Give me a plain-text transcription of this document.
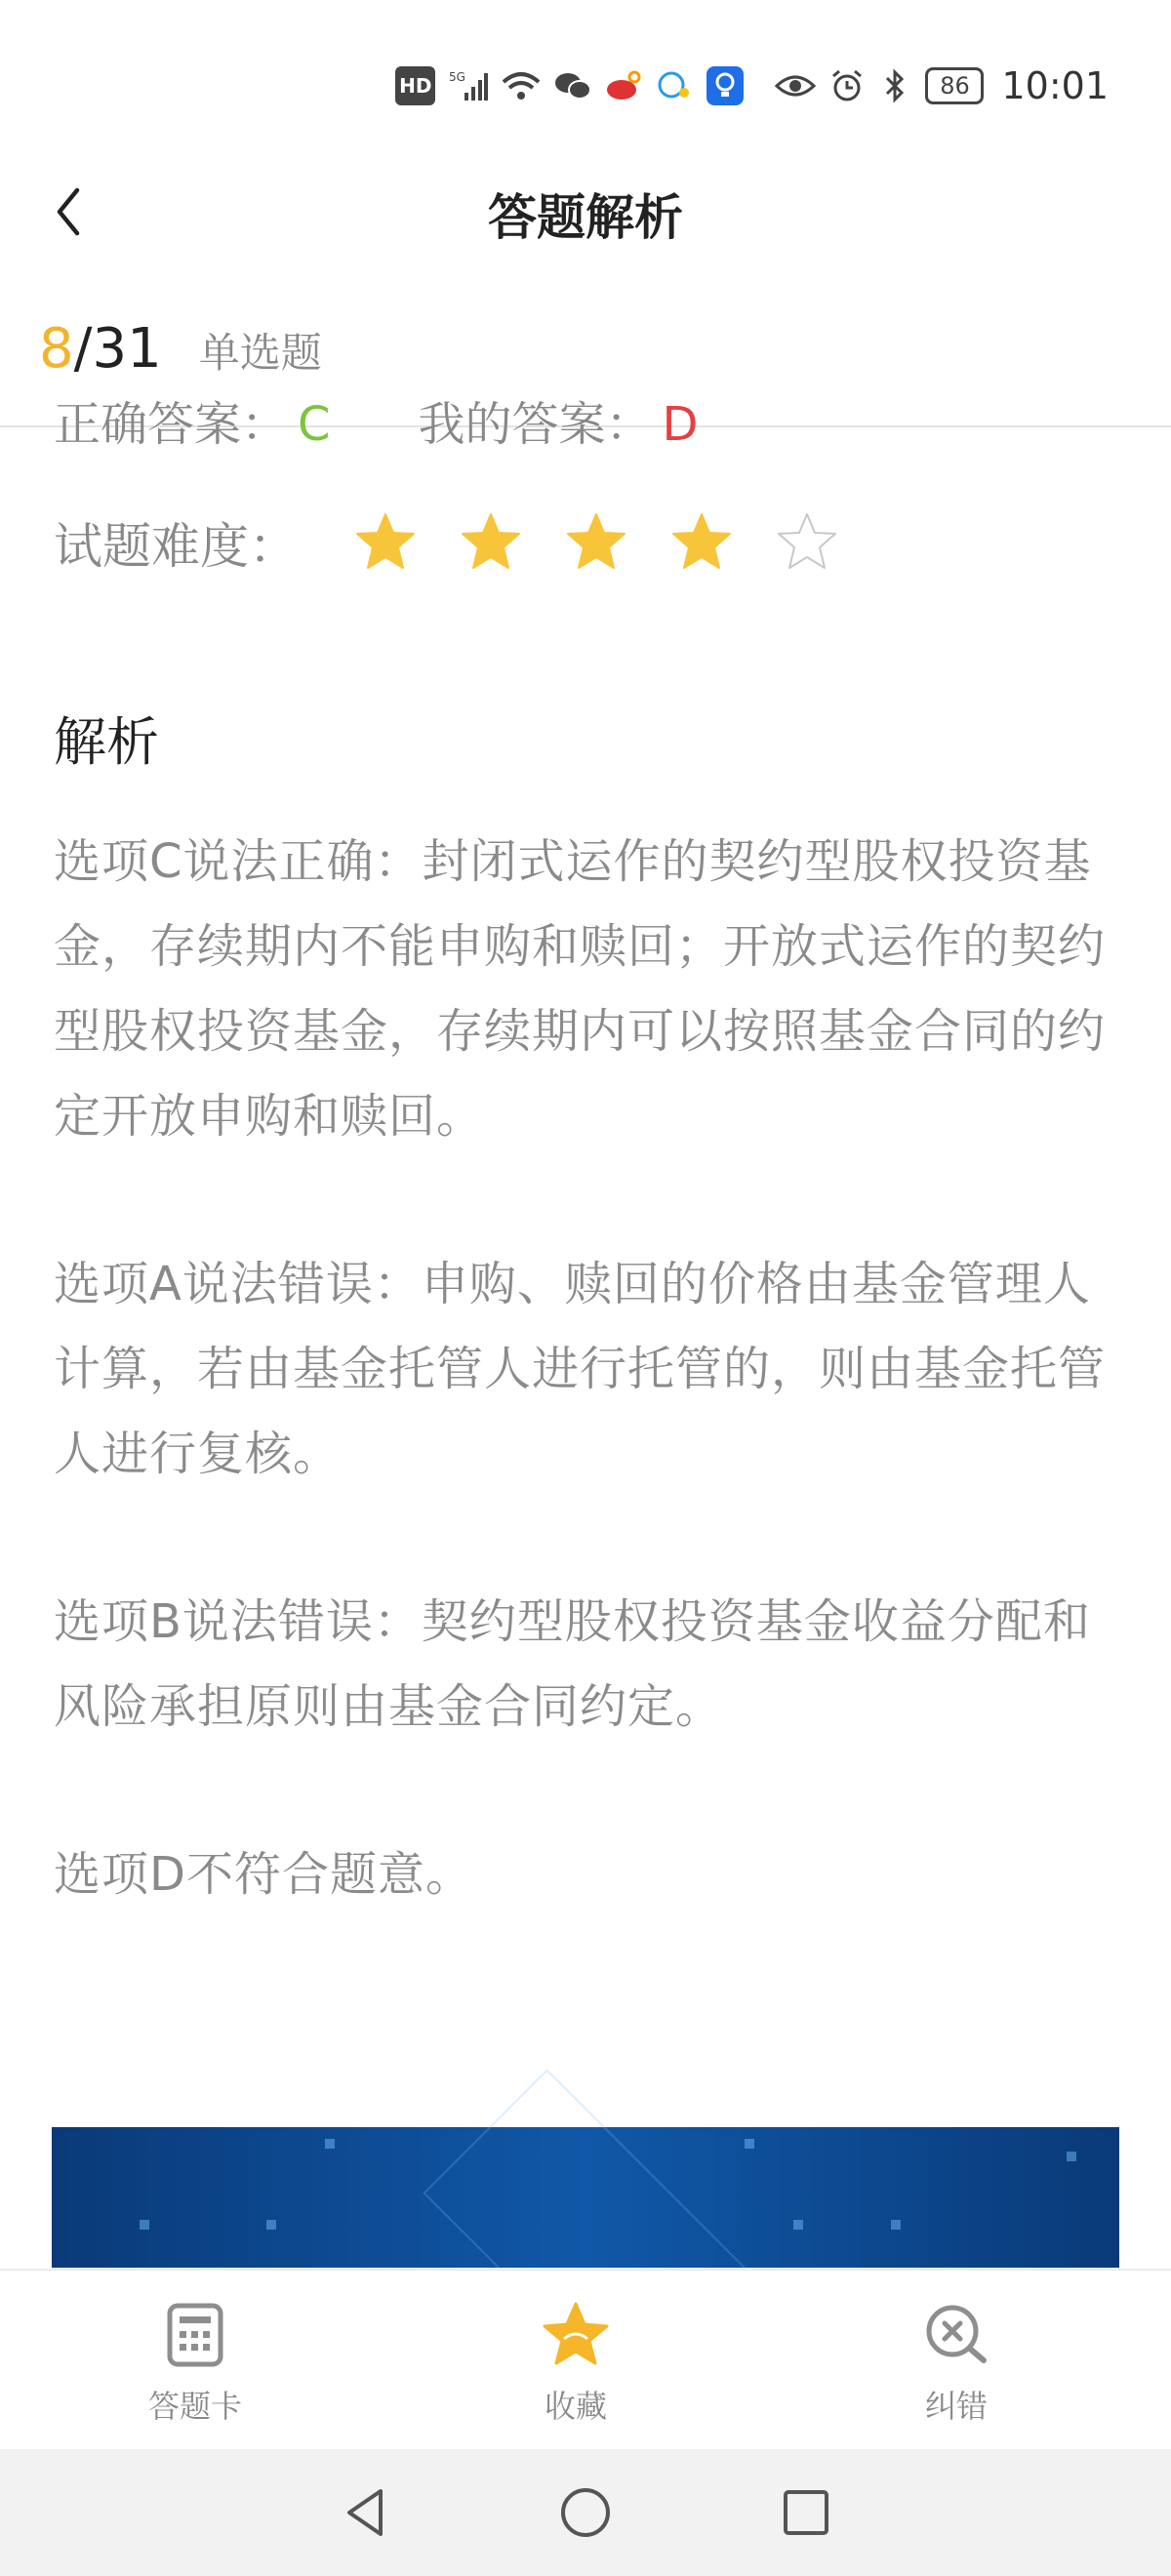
HD	5G	86 10:01
答题解析
8 /31 单选题
正确答案： C 我的答案： D
试题难度：
解析

选项C说法正确：封闭式运作的契约型股权投资基金，存续期内不能申购和赎回；开放式运作的契约型股权投资基金，存续期内可以按照基金合同的约定开放申购和赎回。

选项A说法错误：申购、赎回的价格由基金管理人计算，若由基金托管人进行托管的，则由基金托管人进行复核。

选项B说法错误：契约型股权投资基金收益分配和风险承担原则由基金合同约定。

选项D不符合题意。

答题卡	收藏	纠错
